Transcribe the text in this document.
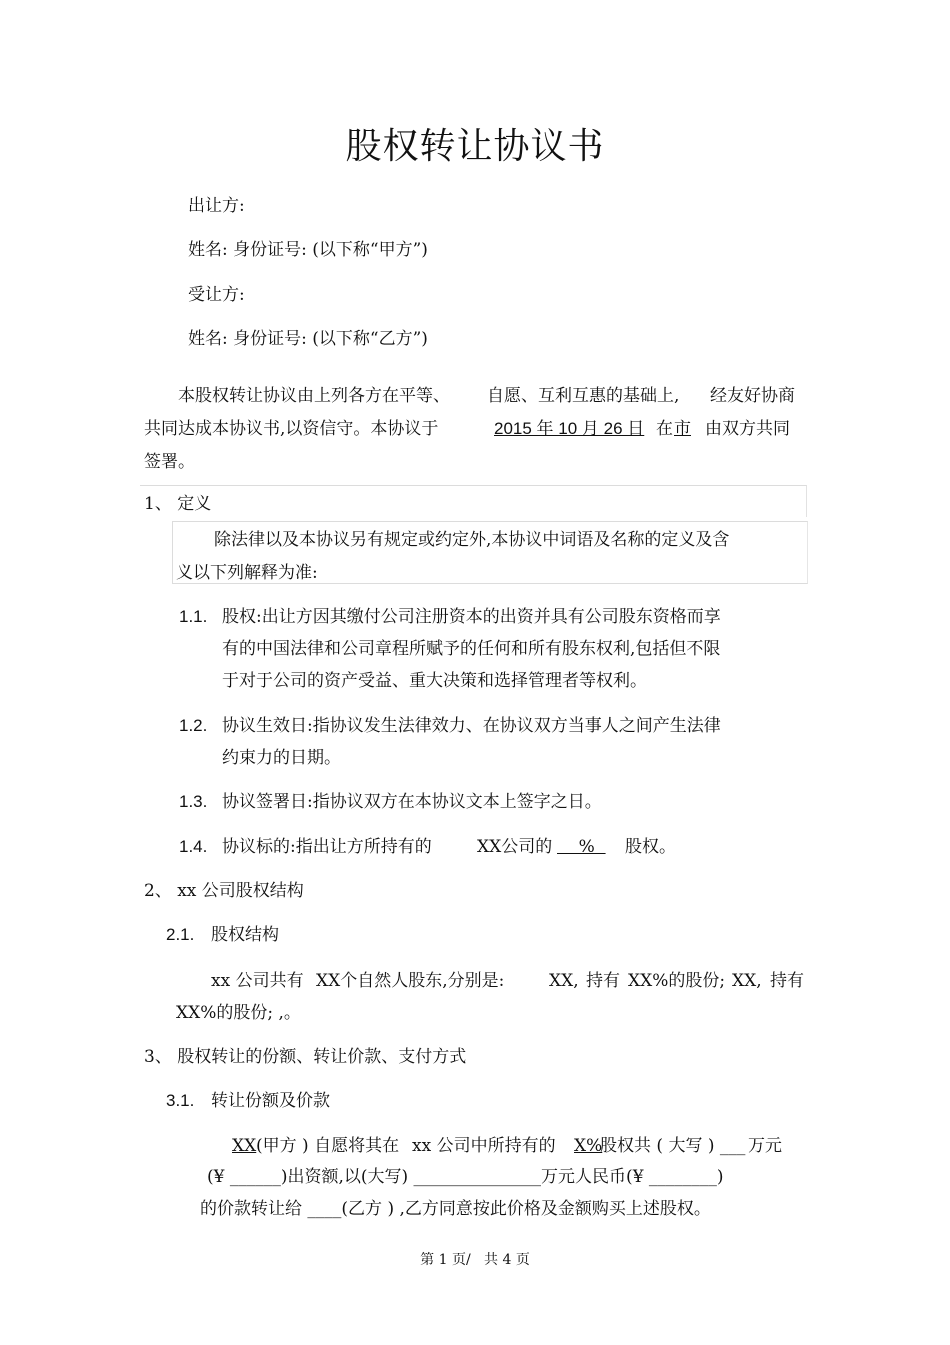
股权转让协议书
出让方:
姓名: 身份证号: (以下称“甲方”)
受让方:
姓名: 身份证号: (以下称“乙方”)
本股权转让协议由上列各方在平等、 自愿、互利互惠的基础上, 经友好协商
共同达成本协议书,以资信守。本协议于	2015 年 10 月 26 日 在 市 由双方共同
签署。
1、 定义
除法律以及本协议另有规定或约定外,本协议中词语及名称的定义及含
义以下列解释为准:
1.1. 股权:出让方因其缴付公司注册资本的出资并具有公司股东资格而享
有的中国法律和公司章程所赋予的任何和所有股东权利,包括但不限
于对于公司的资产受益、重大决策和选择管理者等权利。
1.2. 协议生效日:指协议发生法律效力、在协议双方当事人之间产生法律
约束力的日期。
1.3. 协议签署日:指协议双方在本协议文本上签字之日。
1.4. 协议标的:指出让方所持有的	XX公司的 % 股权。
2、 xx 公司股权结构
2.1. 股权结构
xx 公司共有 XX个自然人股东,分别是:	XX, 持有 XX%的股份; XX, 持有
XX%的股份; ,。
3、 股权转让的份额、转让价款、支付方式
3.1. 转让份额及价款
XX (甲方 ) 自愿将其在 xx 公司中所持有的 X%
股权共 ( 大写 ) ___ 万元
(¥ ______)出资额,以(大写) _______________万元人民币(¥ ________)
的价款转让给 ____(乙方 ) ,乙方同意按此价格及金额购买上述股权。
第 1 页/   共 4 页
